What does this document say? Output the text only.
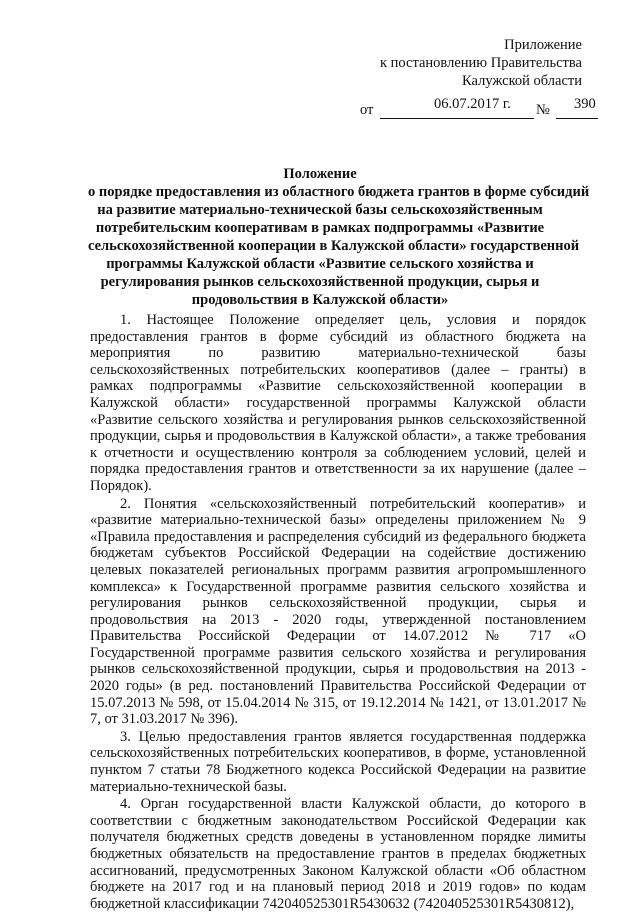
Приложение
к постановлению Правительства
Калужской области
от	06.07.2017 г. № 390
Положение
о порядке предоставления из областного бюджета грантов в форме субсидий
на развитие материально-технической базы сельскохозяйственным
потребительским кооперативам в рамках подпрограммы «Развитие
сельскохозяйственной кооперации в Калужской области» государственной
программы Калужской области «Развитие сельского хозяйства и
регулирования рынков сельскохозяйственной продукции, сырья и
продовольствия в Калужской области»

1. Настоящее Положение определяет цель, условия и порядок предоставления грантов в форме субсидий из областного бюджета на мероприятия по развитию материально-технической базы сельскохозяйственных потребительских кооперативов (далее – гранты) в рамках подпрограммы «Развитие сельскохозяйственной кооперации в Калужской области» государственной программы Калужской области «Развитие сельского хозяйства и регулирования рынков сельскохозяйственной продукции, сырья и продовольствия в Калужской области», а также требования к отчетности и осуществлению контроля за соблюдением условий, целей и порядка предоставления грантов и ответственности за их нарушение (далее – Порядок).

2. Понятия «сельскохозяйственный потребительский кооператив» и «развитие материально-технической базы» определены приложением № 9 «Правила предоставления и распределения субсидий из федерального бюджета бюджетам субъектов Российской Федерации на содействие достижению целевых показателей региональных программ развития агропромышленного комплекса» к Государственной программе развития сельского хозяйства и регулирования рынков сельскохозяйственной продукции, сырья и продовольствия на 2013 - 2020 годы, утвержденной постановлением Правительства Российской Федерации от 14.07.2012 № 717 «О Государственной программе развития сельского хозяйства и регулирования рынков сельскохозяйственной продукции, сырья и продовольствия на 2013 - 2020 годы» (в ред. постановлений Правительства Российской Федерации от 15.07.2013 № 598, от 15.04.2014 № 315, от 19.12.2014 № 1421, от 13.01.2017 № 7, от 31.03.2017 № 396).

3. Целью предоставления грантов является государственная поддержка сельскохозяйственных потребительских кооперативов, в форме, установленной пунктом 7 статьи 78 Бюджетного кодекса Российской Федерации на развитие материально-технической базы.

4. Орган государственной власти Калужской области, до которого в соответствии с бюджетным законодательством Российской Федерации как получателя бюджетных средств доведены в установленном порядке лимиты бюджетных обязательств на предоставление грантов в пределах бюджетных ассигнований, предусмотренных Законом Калужской области «Об областном бюджете на 2017 год и на плановый период 2018 и 2019 годов» по кодам бюджетной классификации 742040525301R5430632 (742040525301R5430812),
